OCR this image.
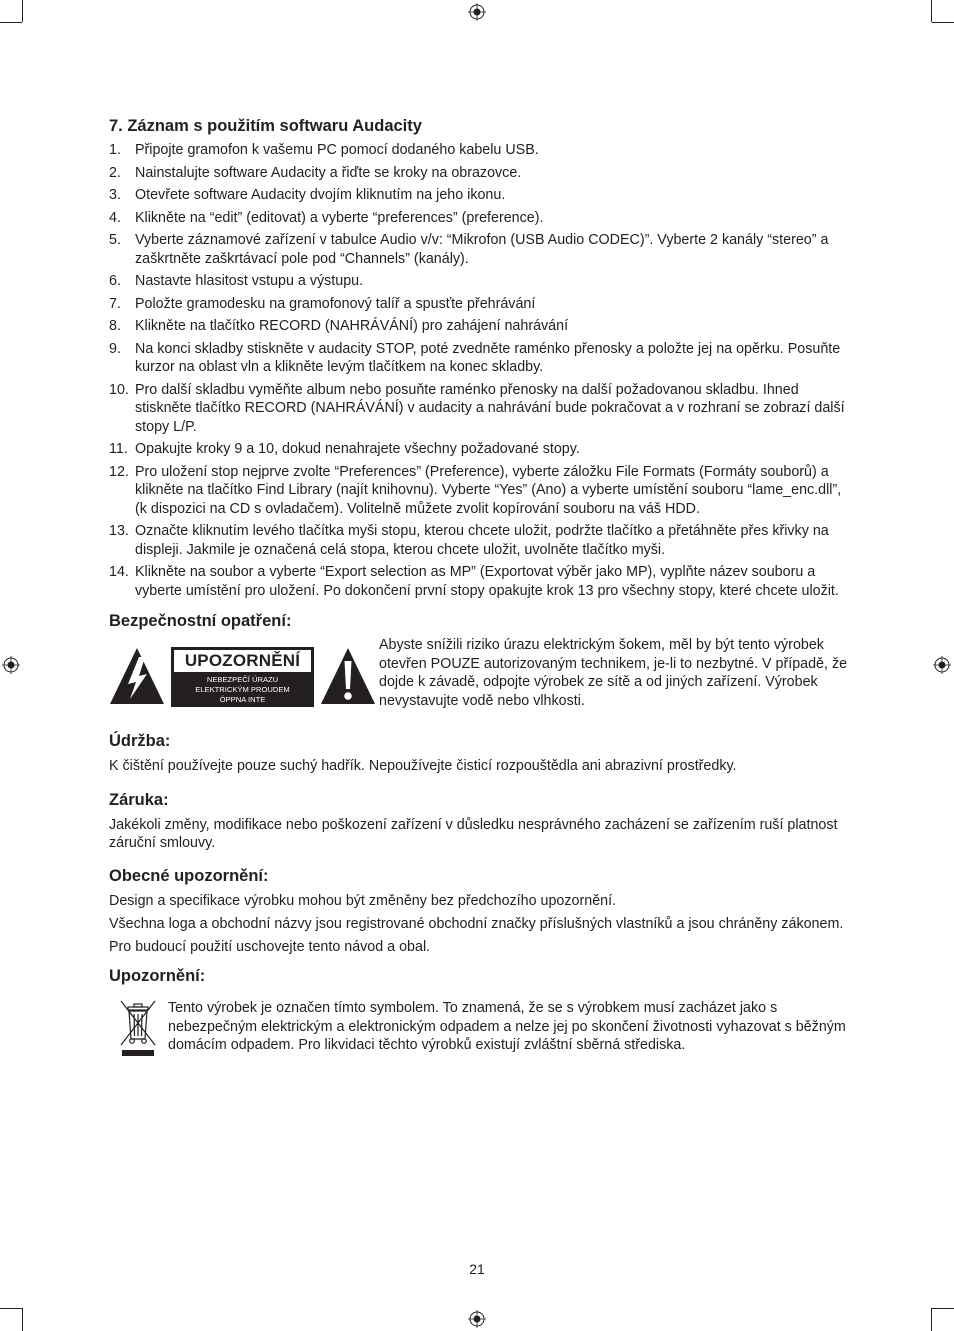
7. Záznam s použitím softwaru Audacity
1. Připojte gramofon k vašemu PC pomocí dodaného kabelu USB.
2. Nainstalujte software Audacity a řiďte se kroky na obrazovce.
3. Otevřete software Audacity dvojím kliknutím na jeho ikonu.
4. Klikněte na “edit” (editovat) a vyberte “preferences” (preference).
5. Vyberte záznamové zařízení v tabulce Audio v/v: “Mikrofon (USB Audio CODEC)”. Vyberte 2 kanály “stereo” a zaškrtněte zaškrtávací pole pod “Channels” (kanály).
6. Nastavte hlasitost vstupu a výstupu.
7. Položte gramodesku na gramofonový talíř a spusťte přehrávání
8. Klikněte na tlačítko RECORD (NAHRÁVÁNÍ) pro zahájení nahrávání
9. Na konci skladby stiskněte v audacity STOP, poté zvedněte raménko přenosky a položte jej na opěrku. Posuňte kurzor na oblast vln a klikněte levým tlačítkem na konec skladby.
10. Pro další skladbu vyměňte album nebo posuňte raménko přenosky na další požadovanou skladbu. Ihned stiskněte tlačítko RECORD (NAHRÁVÁNÍ) v audacity a nahrávání bude pokračovat a v rozhraní se zobrazí další stopy L/P.
11. Opakujte kroky 9 a 10, dokud nenahrajete všechny požadované stopy.
12. Pro uložení stop nejprve zvolte “Preferences” (Preference), vyberte záložku File Formats (Formáty souborů) a klikněte na tlačítko Find Library (najít knihovnu). Vyberte “Yes” (Ano) a vyberte umístění souboru “lame_enc.dll”, (k dispozici na CD s ovladačem). Volitelně můžete zvolit kopírování souboru na váš HDD.
13. Označte kliknutím levého tlačítka myši stopu, kterou chcete uložit, podržte tlačítko a přetáhněte přes křivky na displeji. Jakmile je označená celá stopa, kterou chcete uložit, uvolněte tlačítko myši.
14. Klikněte na soubor a vyberte “Export selection as MP” (Exportovat výběr jako MP), vyplňte název souboru a vyberte umístění pro uložení. Po dokončení první stopy opakujte krok 13 pro všechny stopy, které chcete uložit.
Bezpečnostní opatření:
UPOZORNĚNÍ
NEBEZPEČÍ ÚRAZU
ELEKTRICKÝM PROUDEM
ÓPPNA INTE
Abyste snížili riziko úrazu elektrickým šokem, měl by být tento výrobek otevřen POUZE autorizovaným technikem, je-li to nezbytné. V případě, že dojde k závadě, odpojte výrobek ze sítě a od jiných zařízení. Výrobek nevystavujte vodě nebo vlhkosti.
Údržba:

K čištění používejte pouze suchý hadřík. Nepoužívejte čisticí rozpouštědla ani abrazivní prostředky.

Záruka:

Jakékoli změny, modifikace nebo poškození zařízení v důsledku nesprávného zacházení se zařízením ruší platnost záruční smlouvy.

Obecné upozornění:

Design a specifikace výrobku mohou být změněny bez předchozího upozornění.

Všechna loga a obchodní názvy jsou registrované obchodní značky příslušných vlastníků a jsou chráněny zákonem.

Pro budoucí použití uschovejte tento návod a obal.

Upozornění:
Tento výrobek je označen tímto symbolem. To znamená, že se s výrobkem musí zacházet jako s nebezpečným elektrickým a elektronickým odpadem a nelze jej po skončení životnosti vyhazovat s běžným domácím odpadem. Pro likvidaci těchto výrobků existují zvláštní sběrná střediska.
21
